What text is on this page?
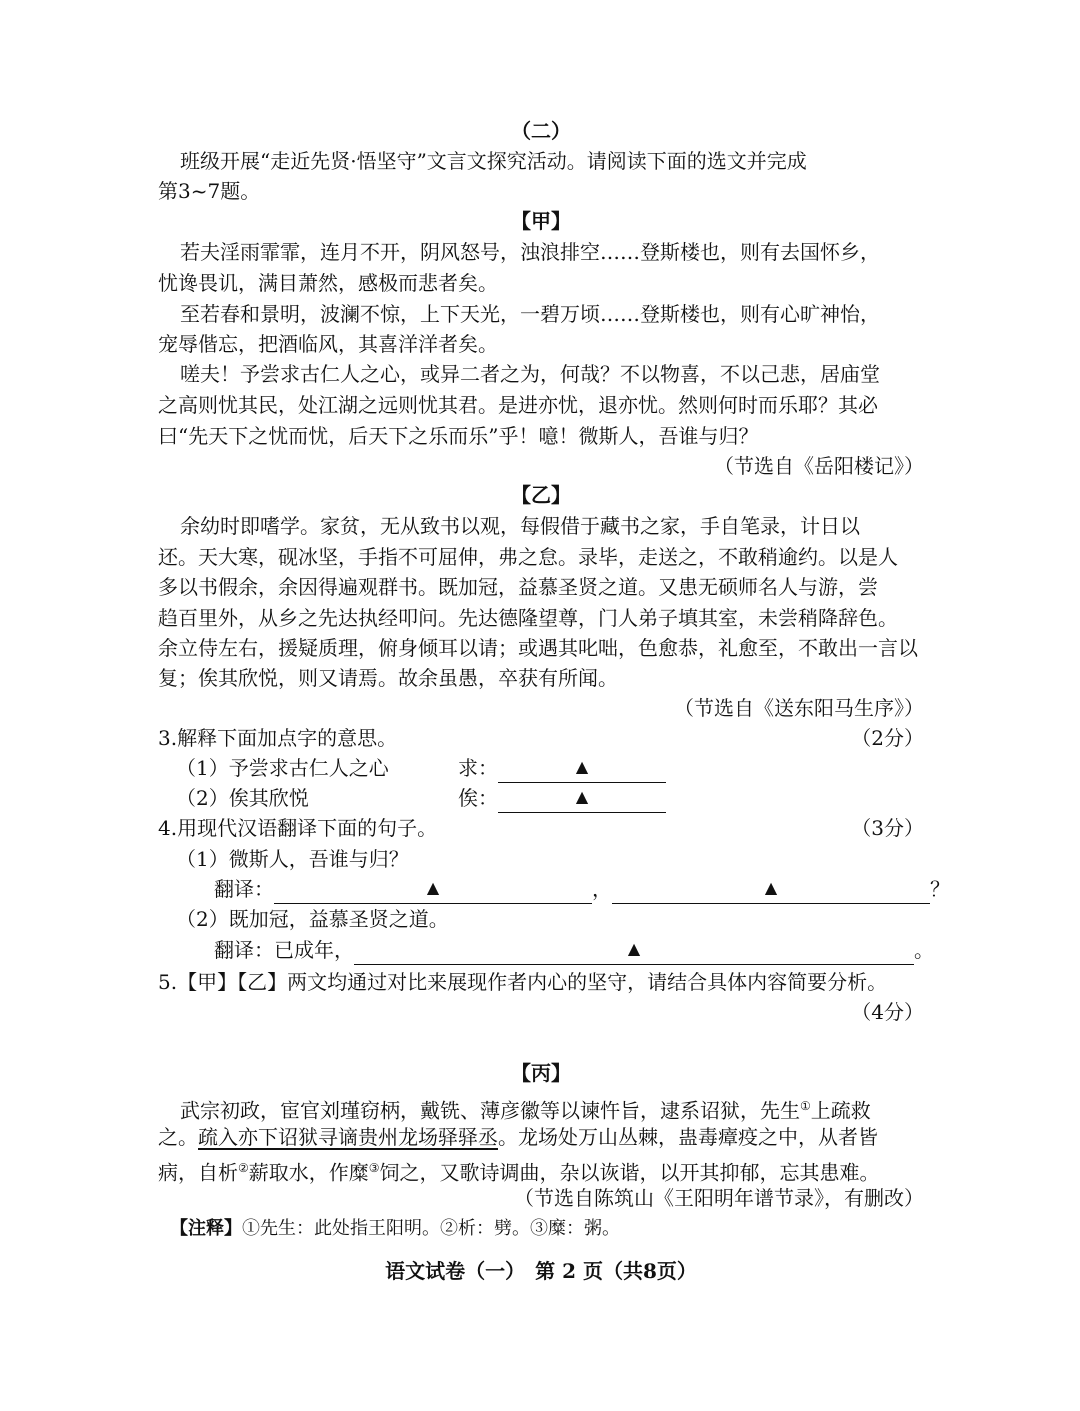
（二）
班级开展“走近先贤·悟坚守”文言文探究活动。请阅读下面的选文并完成
第3~7题。
【甲】
若夫淫雨霏霏，连月不开，阴风怒号，浊浪排空……登斯楼也，则有去国怀乡，
忧谗畏讥，满目萧然，感极而悲者矣。
至若春和景明，波澜不惊，上下天光，一碧万顷……登斯楼也，则有心旷神怡，
宠辱偕忘，把酒临风，其喜洋洋者矣。
嗟夫！予尝求古仁人之心，或异二者之为，何哉？不以物喜，不以己悲，居庙堂
之高则忧其民，处江湖之远则忧其君。是进亦忧，退亦忧。然则何时而乐耶？其必
曰“先天下之忧而忧，后天下之乐而乐”乎！噫！微斯人，吾谁与归？
（节选自《岳阳楼记》）
【乙】
余幼时即嗜学。家贫，无从致书以观，每假借于藏书之家，手自笔录，计日以
还。天大寒，砚冰坚，手指不可屈伸，弗之怠。录毕，走送之，不敢稍逾约。以是人
多以书假余，余因得遍观群书。既加冠，益慕圣贤之道。又患无硕师名人与游，尝
趋百里外，从乡之先达执经叩问。先达德隆望尊，门人弟子填其室，未尝稍降辞色。
余立侍左右，援疑质理，俯身倾耳以请；或遇其叱咄，色愈恭，礼愈至，不敢出一言以
复；俟其欣悦，则又请焉。故余虽愚，卒获有所闻。
（节选自《送东阳马生序》）
3.解释下面加点字的意思。	（2分）
（1）予尝求古仁人之心	求：	▲
（2）俟其欣悦	俟：	▲
4.用现代汉语翻译下面的句子。	（3分）
（1）微斯人，吾谁与归？
翻译：	▲	，	▲	？
（2）既加冠，益慕圣贤之道。
翻译：已成年，	▲	。
5.【甲】【乙】两文均通过对比来展现作者内心的坚守，请结合具体内容简要分析。
（4分）
【丙】
武宗初政，宦官刘瑾窃柄，戴铣、薄彦徽等以谏忤旨，逮系诏狱，先生①上疏救
之。疏入亦下诏狱寻谪贵州龙场驿驿丞。龙场处万山丛棘，蛊毒瘴疫之中，从者皆
病，自析②薪取水，作糜③饲之，又歌诗调曲，杂以诙谐，以开其抑郁，忘其患难。
（节选自陈筑山《王阳明年谱节录》，有删改）
【注释】①先生：此处指王阳明。②析：劈。③糜：粥。
语文试卷（一）　第 2 页（共8页）
